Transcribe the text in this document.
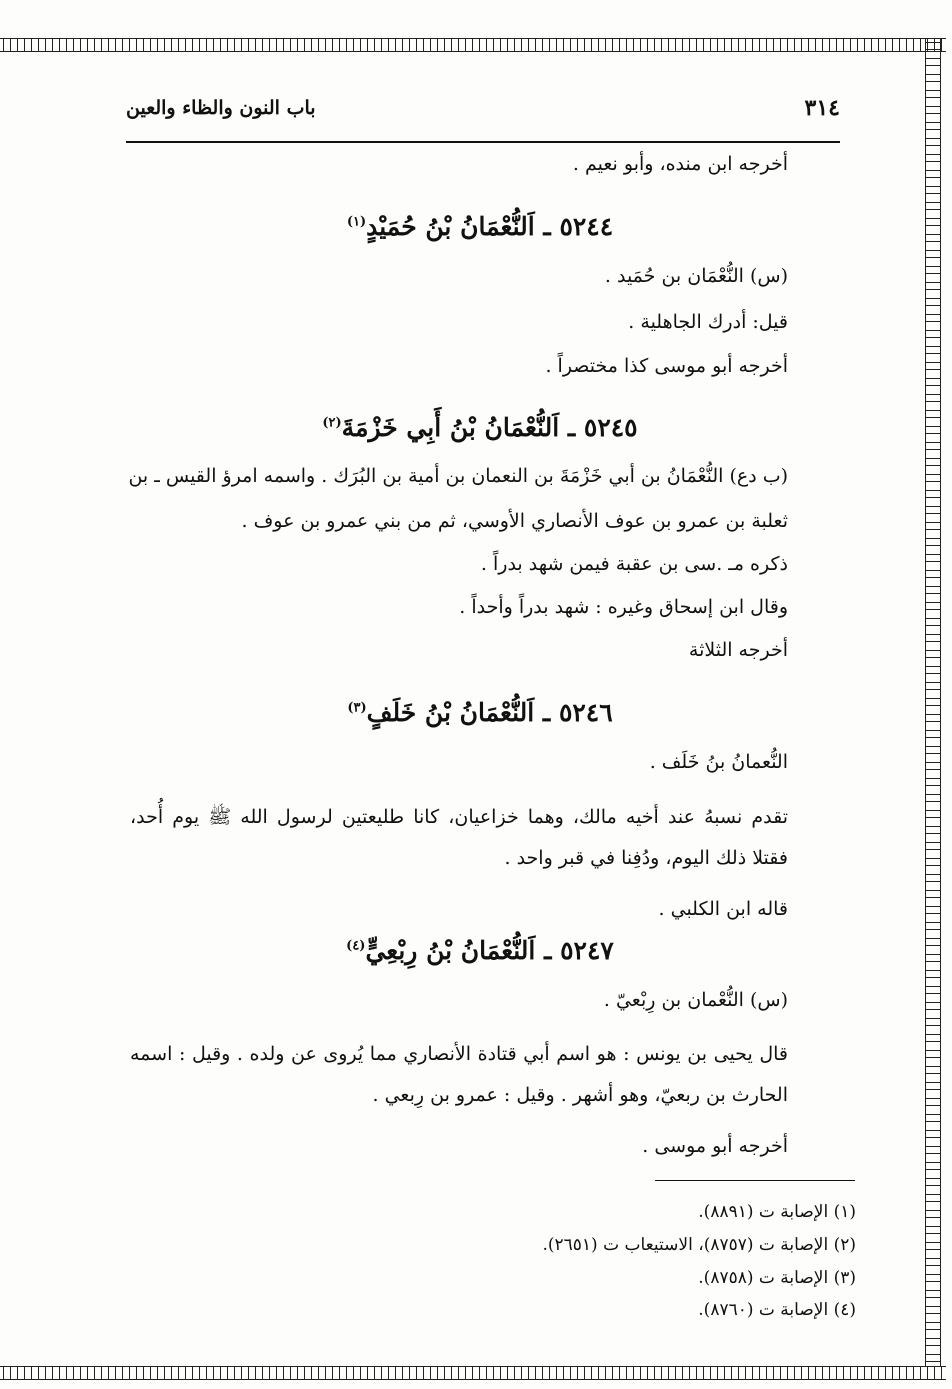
٣١٤
باب النون والظاء والعين
أخرجه ابن منده، وأبو نعيم .
٥٢٤٤ ـ اَلنُّعْمَانُ بْنُ حُمَيْدٍ$^{(١)}$
(س) النُّعْمَان بن حُمَيد .
قيل: أدرك الجاهلية .
أخرجه أبو موسى كذا مختصراً .
٥٢٤٥ ـ اَلنُّعْمَانُ بْنُ أَبِي خَزْمَةَ$^{(٢)}$
(ب دع) النُّعْمَانُ بن أبي خَزْمَةَ بن النعمان بن أمية بن البُرَك . واسمه امرؤ القيس ـ بن
ثعلبة بن عمرو بن عوف الأنصاري الأوسي، ثم من بني عمرو بن عوف .
ذكره مـ .سى بن عقبة فيمن شهد بدراً .
وقال ابن إسحاق وغيره : شهد بدراً وأحداً .
أخرجه الثلاثة
٥٢٤٦ ـ اَلنُّعْمَانُ بْنُ خَلَفٍ$^{(٣)}$
النُّعمانُ بنُ خَلَف .
تقدم نسبهُ عند أخيه مالك، وهما خزاعيان، كانا طليعتين لرسول الله ﷺ يوم أُحد،
فقتلا ذلك اليوم، ودُفِنا في قبر واحد .
قاله ابن الكلبي .
٥٢٤٧ ـ اَلنُّعْمَانُ بْنُ رِبْعِيٍّ$^{(٤)}$
(س) النُّعْمان بن رِبْعيّ .
قال يحيى بن يونس : هو اسم أبي قتادة الأنصاري مما يُروى عن ولده . وقيل : اسمه
الحارث بن ربعيّ، وهو أشهر . وقيل : عمرو بن رِبعي .
أخرجه أبو موسى .
(١) الإصابة ت (٨٨٩١).
(٢) الإصابة ت (٨٧٥٧)، الاستيعاب ت (٢٦٥١).
(٣) الإصابة ت (٨٧٥٨).
(٤) الإصابة ت (٨٧٦٠).
